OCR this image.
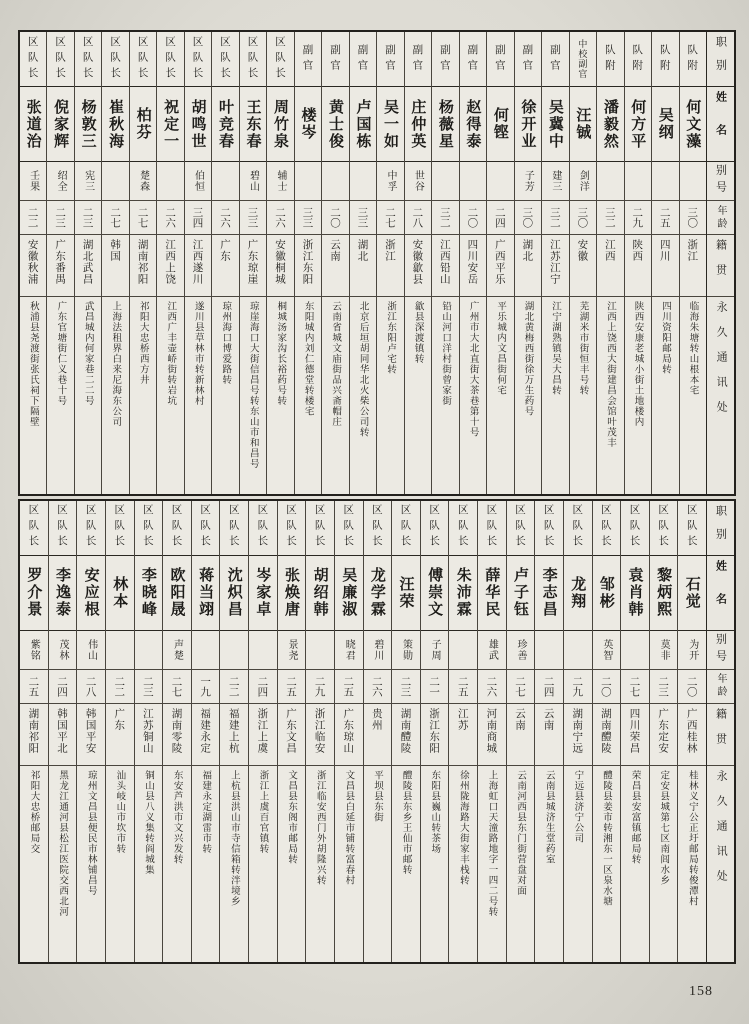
职别
姓名
别号
年龄
籍贯
永久通讯处
队附
何文藻
三〇
浙江
临海朱塘转山根本宅
队附
吴纲
二五
四川
四川资阳邮局转
队附
何方平
二九
陕西
陕西安康老城小街土地楼内
队附
潘毅然
三二
江西
江西上饶西大街建昌会馆叶茂丰
中校副官
汪铖
剑洋
三〇
安徽
芜湖米市街恒丰号转
副官
吴冀中
建三
三二
江苏江宁
江宁湖熟镇吴大昌转
副官
徐开业
子芳
三〇
湖北
湖北黄梅西街徐万生药号
副官
何铿
二四
广西平乐
平乐城内文昌街何宅
副官
赵得泰
二〇
四川安岳
广州市大北直街大茶巷第十号
副官
杨薇星
三二
江西铅山
铅山河口洋村街曾家街
副官
庄仲英
世谷
二八
安徽歙县
歙县深渡镇转
副官
吴一如
中孚
二七
浙江
浙江东阳卢宅转
副官
卢国栋
三三
湖北
北京后垣胡同华北火柴公司转
副官
黄士俊
二〇
云南
云南省城文庙街品兴斋帽庄
副官
楼岑
三三
浙江东阳
东阳城内刘仁德堂转楼宅
区队长
周竹泉
辅士
二六
安徽桐城
桐城汤家沟长裕药号转
区队长
王东春
碧山
三三
广东琼崖
琼崖海口大街信昌号转东山市和昌号
区队长
叶竞春
二六
广东
琼州海口博爱路转
区队长
胡鸣世
伯恒
三四
江西遂川
遂川县草林市转新林村
区队长
祝定一
二六
江西上饶
江西广丰壶峤街转岩坑
区队长
柏芬
楚森
二七
湖南祁阳
祁阳大忠桥西方井
区队长
崔秋海
二七
韩国
上海法租界白来尼海东公司
区队长
杨敦三
宪三
二三
湖北武昌
武昌城内何家巷二二号
区队长
倪家辉
绍全
二三
广东番禺
广东官塘街仁义巷十号
区队长
张道治
壬果
二二
安徽秋浦
秋浦县尧渡街张氏祠下隔壁
职别
姓名
别号
年龄
籍贯
永久通讯处
区队长
石觉
为开
二〇
广西桂林
桂林义宁公正圩邮局转俊潭村
区队长
黎炳熙
莫非
二三
广东定安
定安县城第七区南闾水乡
区队长
袁肖韩
二七
四川荣昌
荣昌县安富镇邮局转
区队长
邹彬
英智
二〇
湖南醴陵
醴陵县姜市转湘东一区泉水塘
区队长
龙翔
二九
湖南宁远
宁远县济宁公司
区队长
李志昌
二四
云南
云南县城济生堂药室
区队长
卢子钰
珍善
二七
云南
云南河西县东门街营盘对面
区队长
薛华民
雄武
二六
河南商城
上海虹口天潼路地字一四二号转
区队长
朱沛霖
二五
江苏
徐州陇海路大街家丰栈转
区队长
傅崇文
子周
二一
浙江东阳
东阳县巍山转茶场
区队长
汪荣
策勋
二三
湖南醴陵
醴陵县东乡王仙市邮转
区队长
龙学霖
碧川
二六
贵州
平坝县东街
区队长
吴廉淑
晓君
二五
广东琼山
文昌县白延市铺转富春村
区队长
胡绍韩
二九
浙江临安
浙江临安西门外胡隆兴转
区队长
张焕唐
景尧
二五
广东文昌
文昌县东阁市邮局转
区队长
岑家卓
二四
浙江上虞
浙江上虞百官镇转
区队长
沈炽昌
二二
福建上杭
上杭县洪山市寺信箱转泮境乡
区队长
蒋当翊
一九
福建永定
福建永定湖雷市转
区队长
欧阳晟
声楚
二七
湖南零陵
东安芦洪市文兴发转
区队长
李晓峰
二三
江苏铜山
铜山县八义集转阎城集
区队长
林本
二二
广东
汕头岐山市坎市转
区队长
安应根
伟山
二八
韩国平安
琼州文昌县便民市林铺昌号
区队长
李逸泰
茂林
二四
韩国平北
黑龙江通河县松江医院交西北河
区队长
罗介景
紫铭
二五
湖南祁阳
祁阳大忠桥邮局交
158
